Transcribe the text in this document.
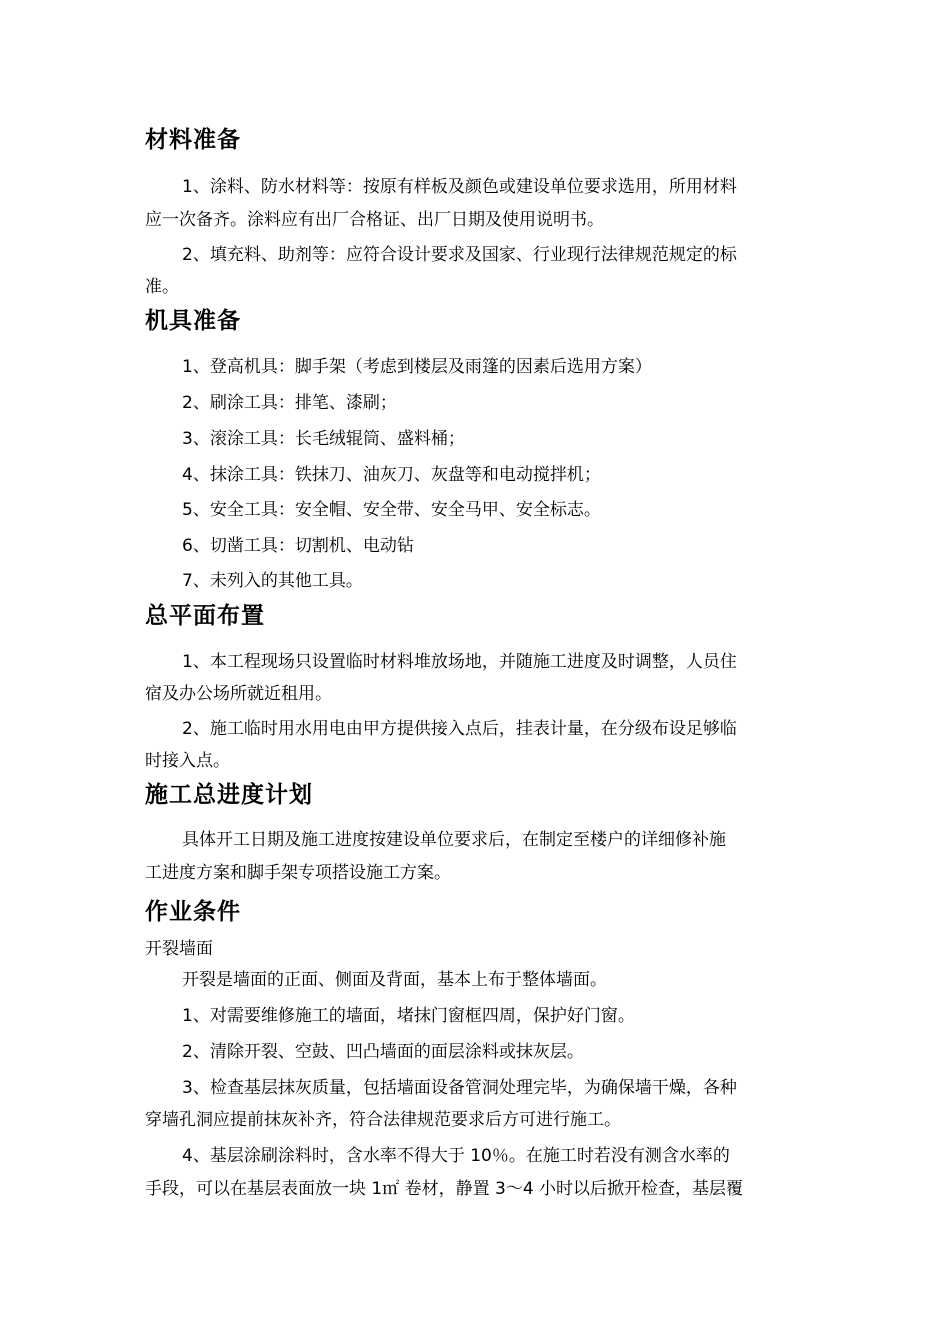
材料准备
1、涂料、防水材料等：按原有样板及颜色或建设单位要求选用，所用材料
应一次备齐。涂料应有出厂合格证、出厂日期及使用说明书。
2、填充料、助剂等：应符合设计要求及国家、行业现行法律规范规定的标
准。
机具准备
1、登高机具：脚手架（考虑到楼层及雨篷的因素后选用方案）
2、刷涂工具：排笔、漆刷；
3、滚涂工具：长毛绒辊筒、盛料桶；
4、抹涂工具：铁抹刀、油灰刀、灰盘等和电动搅拌机；
5、安全工具：安全帽、安全带、安全马甲、安全标志。
6、切凿工具：切割机、电动钻
7、未列入的其他工具。
总平面布置
1、本工程现场只设置临时材料堆放场地，并随施工进度及时调整，人员住
宿及办公场所就近租用。
2、施工临时用水用电由甲方提供接入点后，挂表计量，在分级布设足够临
时接入点。
施工总进度计划
具体开工日期及施工进度按建设单位要求后，在制定至楼户的详细修补施
工进度方案和脚手架专项搭设施工方案。
作业条件
开裂墙面
开裂是墙面的正面、侧面及背面，基本上布于整体墙面。
1、对需要维修施工的墙面，堵抹门窗框四周，保护好门窗。
2、清除开裂、空鼓、凹凸墙面的面层涂料或抹灰层。
3、检查基层抹灰质量，包括墙面设备管洞处理完毕，为确保墙干燥，各种
穿墙孔洞应提前抹灰补齐，符合法律规范要求后方可进行施工。
4、基层涂刷涂料时，含水率不得大于 10％。在施工时若没有测含水率的
手段，可以在基层表面放一块 1㎡ 卷材，静置 3～4 小时以后掀开检查，基层覆
